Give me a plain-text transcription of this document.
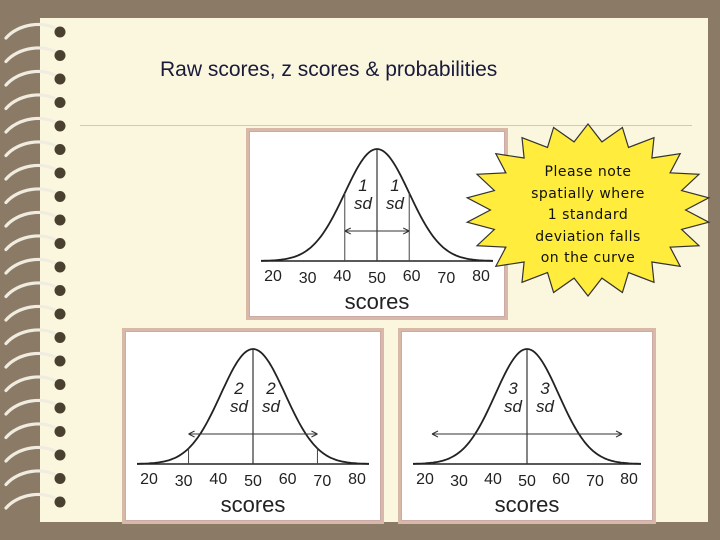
Raw scores, z scores & probabilities
1
sd
1
sd
20 30 40 50 60 70 80
scores
2
sd
2
sd
20 30 40 50 60 70 80
scores
3
sd
3
sd
20 30 40 50 60 70 80
scores
Please note
spatially where
1 standard
deviation falls
on the curve
